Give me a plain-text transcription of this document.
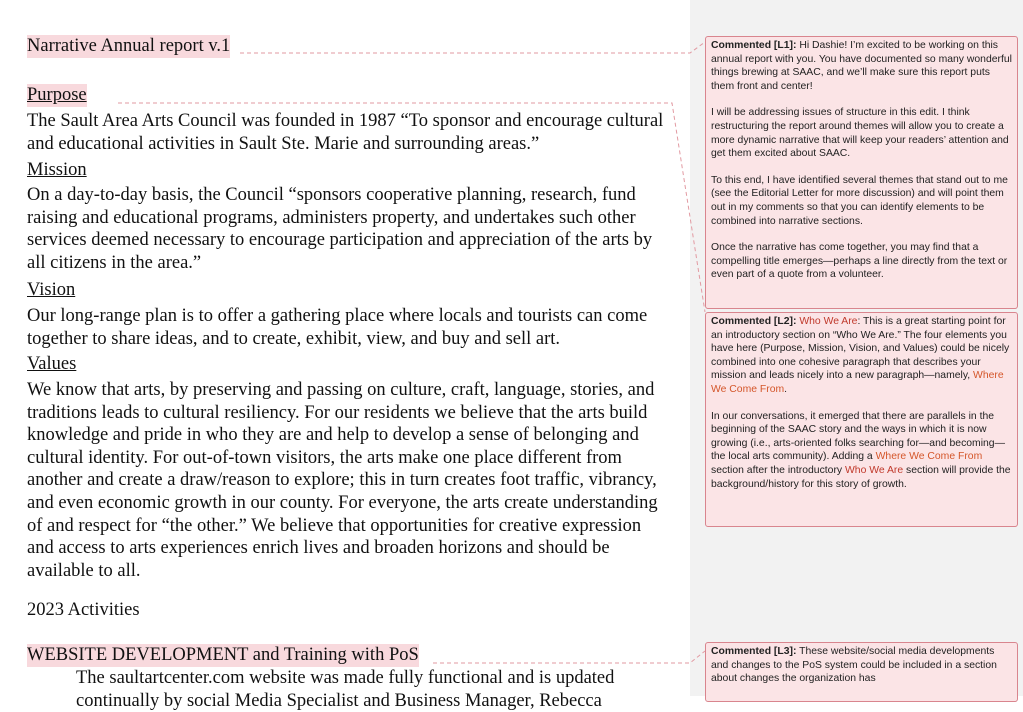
Narrative Annual report v.1
Purpose
The Sault Area Arts Council was founded in 1987 “To sponsor and encourage cultural and educational activities in Sault Ste. Marie and surrounding areas.”
Mission
On a day-to-day basis, the Council “sponsors cooperative planning, research, fund raising and educational programs, administers property, and undertakes such other services deemed necessary to encourage participation and appreciation of the arts by all citizens in the area.”
Vision
Our long-range plan is to offer a gathering place where locals and tourists can come together to share ideas, and to create, exhibit, view, and buy and sell art.
Values
We know that arts, by preserving and passing on culture, craft, language, stories, and traditions leads to cultural resiliency. For our residents we believe that the arts build knowledge and pride in who they are and help to develop a sense of belonging and cultural identity. For out-of-town visitors, the arts make one place different from another and create a draw/reason to explore; this in turn creates foot traffic, vibrancy, and even economic growth in our county. For everyone, the arts create understanding of and respect for “the other.” We believe that opportunities for creative expression and access to arts experiences enrich lives and broaden horizons and should be available to all.
2023 Activities
WEBSITE DEVELOPMENT and Training with PoS
The saultartcenter.com website was made fully functional and is updated continually by social Media Specialist and Business Manager, Rebecca

Commented [L1]: Hi Dashie! I’m excited to be working on this annual report with you. You have documented so many wonderful things brewing at SAAC, and we’ll make sure this report puts them front and center!

I will be addressing issues of structure in this edit. I think restructuring the report around themes will allow you to create a more dynamic narrative that will keep your readers’ attention and get them excited about SAAC.

To this end, I have identified several themes that stand out to me (see the Editorial Letter for more discussion) and will point them out in my comments so that you can identify elements to be combined into narrative sections.

Once the narrative has come together, you may find that a compelling title emerges—perhaps a line directly from the text or even part of a quote from a volunteer.

Commented [L2]: Who We Are: This is a great starting point for an introductory section on “Who We Are.” The four elements you have here (Purpose, Mission, Vision, and Values) could be nicely combined into one cohesive paragraph that describes your mission and leads nicely into a new paragraph—namely, Where We Come From.

In our conversations, it emerged that there are parallels in the beginning of the SAAC story and the ways in which it is now growing (i.e., arts-oriented folks searching for—and becoming—the local arts community). Adding a Where We Come From section after the introductory Who We Are section will provide the background/history for this story of growth.

Commented [L3]: These website/social media developments and changes to the PoS system could be included in a section about changes the organization has
